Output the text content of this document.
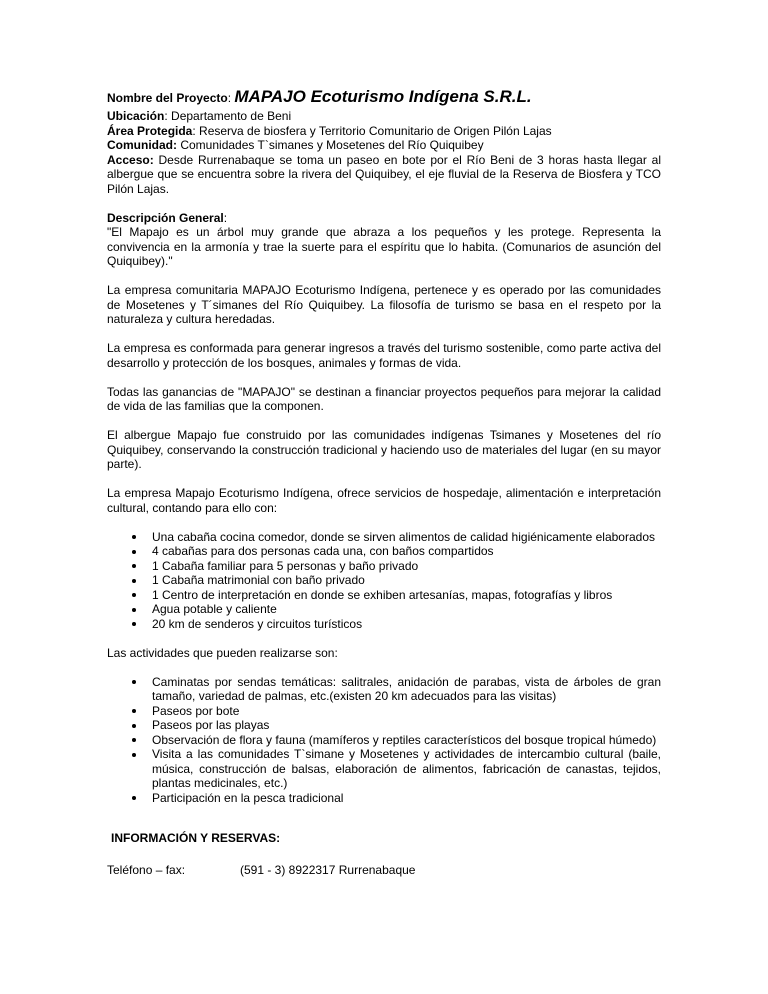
Nombre del Proyecto: MAPAJO Ecoturismo Indígena S.R.L.

Ubicación: Departamento de Beni

Área Protegida: Reserva de biosfera y Territorio Comunitario de Origen Pilón Lajas

Comunidad: Comunidades T`simanes y Mosetenes del Río Quiquibey

Acceso: Desde Rurrenabaque se toma un paseo en bote por el Río Beni de 3 horas hasta llegar al albergue que se encuentra sobre la rivera del Quiquibey, el eje fluvial de la Reserva de Biosfera y TCO Pilón Lajas.

Descripción General:

"El Mapajo es un árbol muy grande que abraza a los pequeños y les protege. Representa la convivencia en la armonía y trae la suerte para el espíritu que lo habita. (Comunarios de asunción del Quiquibey)."

La empresa comunitaria MAPAJO Ecoturismo Indígena, pertenece y es operado por las comunidades de Mosetenes y T´simanes del Río Quiquibey. La filosofía de turismo se basa en el respeto por la naturaleza y cultura heredadas.

La empresa es conformada para generar ingresos a través del turismo sostenible, como parte activa del desarrollo y protección de los bosques, animales y formas de vida.

Todas las ganancias de "MAPAJO" se destinan a financiar proyectos pequeños para mejorar la calidad de vida de las familias que la componen.

El albergue Mapajo fue construido por las comunidades indígenas Tsimanes y Mosetenes del río Quiquibey, conservando la construcción tradicional y haciendo uso de materiales del lugar (en su mayor parte).

La empresa Mapajo Ecoturismo Indígena, ofrece servicios de hospedaje, alimentación e interpretación cultural, contando para ello con:

Una cabaña cocina comedor, donde se sirven alimentos de calidad higiénicamente elaborados
4 cabañas para dos personas cada una, con baños compartidos
1 Cabaña familiar para 5 personas y baño privado
1 Cabaña matrimonial con baño privado
1 Centro de interpretación en donde se exhiben artesanías, mapas, fotografías y libros
Agua potable y caliente
20 km de senderos y circuitos turísticos

Las actividades que pueden realizarse son:

Caminatas por sendas temáticas: salitrales, anidación de parabas, vista de árboles de gran tamaño, variedad de palmas, etc.(existen 20 km adecuados para las visitas)
Paseos por bote
Paseos por las playas
Observación de flora y fauna (mamíferos y reptiles característicos del bosque tropical húmedo)
Visita a las comunidades T`simane y Mosetenes y actividades de intercambio cultural (baile, música, construcción de balsas, elaboración de alimentos, fabricación de canastas, tejidos, plantas medicinales, etc.)
Participación en la pesca tradicional

INFORMACIÓN Y RESERVAS:

Teléfono – fax:	(591 - 3) 8922317 Rurrenabaque
